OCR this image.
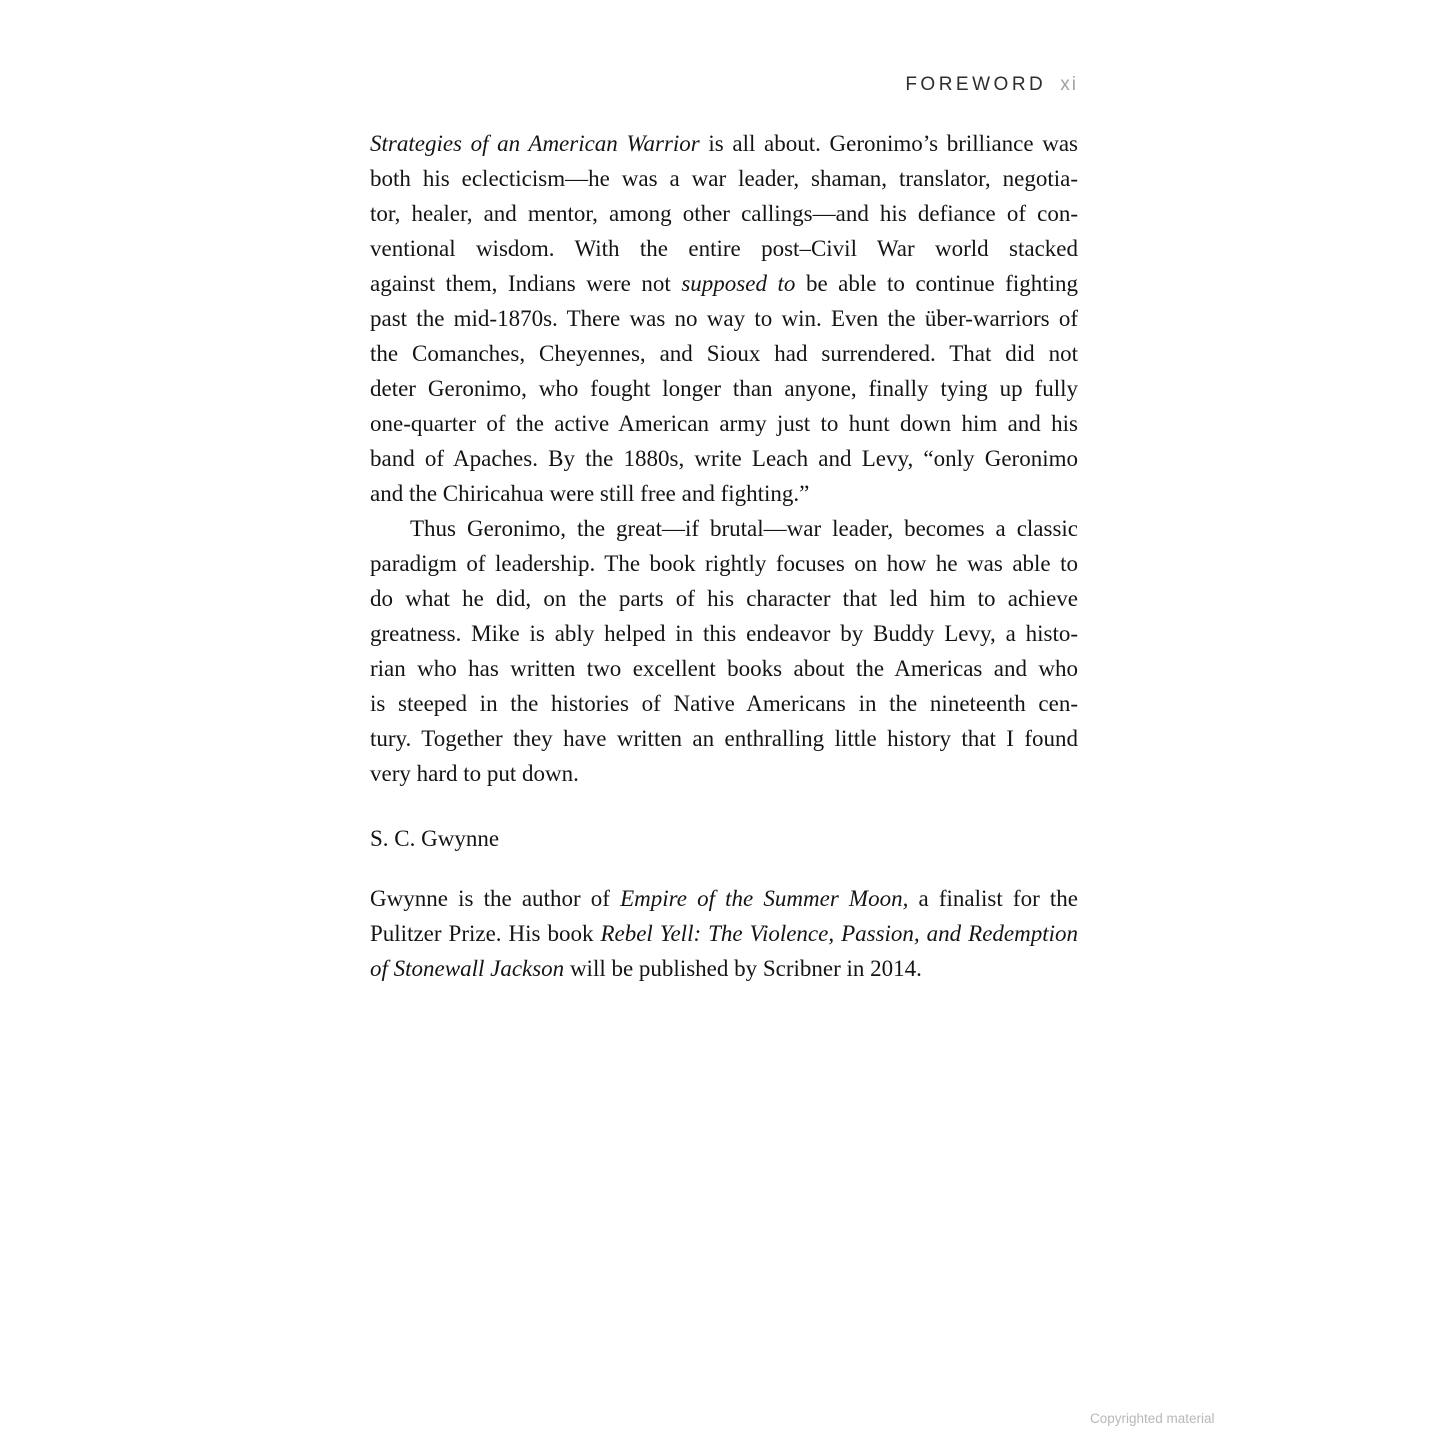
FOREWORD xi

Strategies of an American Warrior is all about. Geronimo’s brilliance was
both his eclecticism—he was a war leader, shaman, translator, negotia-
tor, healer, and mentor, among other callings—and his defiance of con-
ventional wisdom. With the entire post–Civil War world stacked
against them, Indians were not supposed to be able to continue fighting
past the mid-1870s. There was no way to win. Even the über-warriors of
the Comanches, Cheyennes, and Sioux had surrendered. That did not
deter Geronimo, who fought longer than anyone, finally tying up fully
one-quarter of the active American army just to hunt down him and his
band of Apaches. By the 1880s, write Leach and Levy, “only Geronimo
and the Chiricahua were still free and fighting.”

Thus Geronimo, the great—if brutal—war leader, becomes a classic
paradigm of leadership. The book rightly focuses on how he was able to
do what he did, on the parts of his character that led him to achieve
greatness. Mike is ably helped in this endeavor by Buddy Levy, a histo-
rian who has written two excellent books about the Americas and who
is steeped in the histories of Native Americans in the nineteenth cen-
tury. Together they have written an enthralling little history that I found
very hard to put down.

S. C. Gwynne

Gwynne is the author of Empire of the Summer Moon, a finalist for the
Pulitzer Prize. His book Rebel Yell: The Violence, Passion, and Redemption
of Stonewall Jackson will be published by Scribner in 2014.

Copyrighted material
